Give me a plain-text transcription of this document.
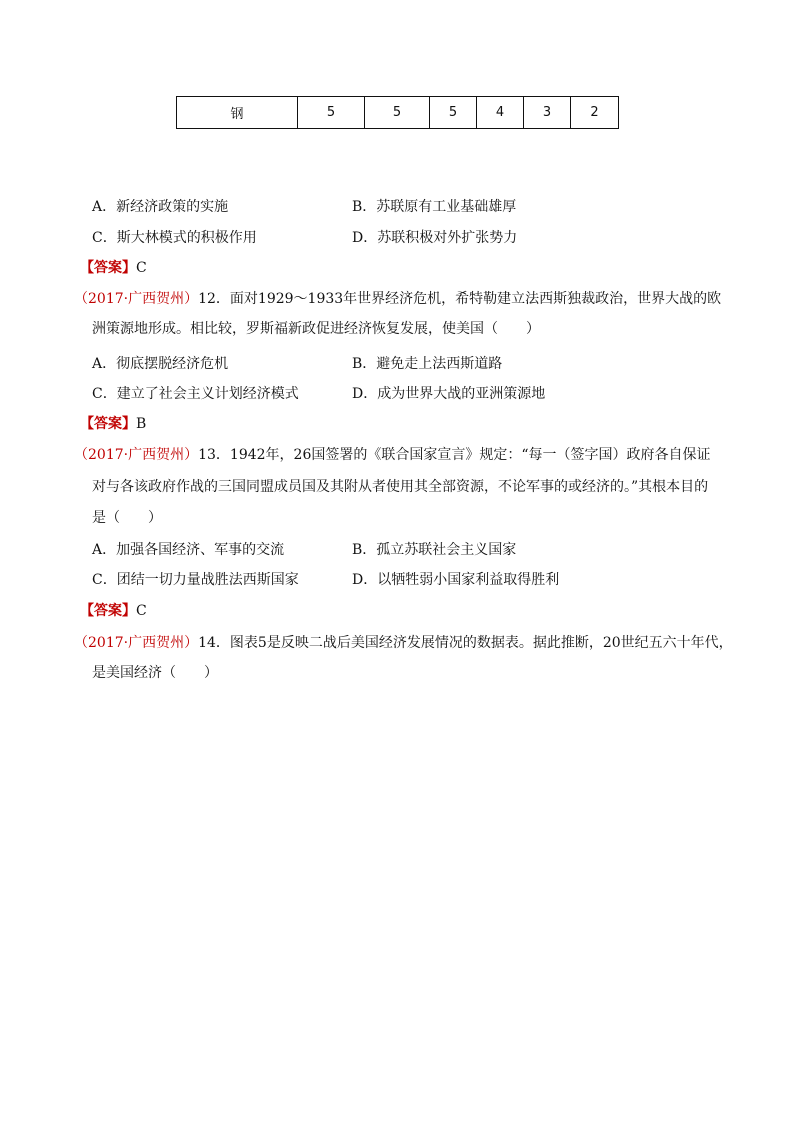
钢	5	5	5	4	3	2
A．新经济政策的实施	B．苏联原有工业基础雄厚
C．斯大林模式的积极作用	D．苏联积极对外扩张势力
【答案】C
（2017·广西贺州）12．面对1929～1933年世界经济危机，希特勒建立法西斯独裁政治，世界大战的欧
洲策源地形成。相比较，罗斯福新政促进经济恢复发展，使美国（　　）
A．彻底摆脱经济危机	B．避免走上法西斯道路
C．建立了社会主义计划经济模式	D．成为世界大战的亚洲策源地
【答案】B
（2017·广西贺州）13．1942年，26国签署的《联合国家宣言》规定：“每一（签字国）政府各自保证
对与各该政府作战的三国同盟成员国及其附从者使用其全部资源，不论军事的或经济的。”其根本目的
是（　　）
A．加强各国经济、军事的交流	B．孤立苏联社会主义国家
C．团结一切力量战胜法西斯国家	D．以牺牲弱小国家利益取得胜利
【答案】C
（2017·广西贺州）14．图表5是反映二战后美国经济发展情况的数据表。据此推断，20世纪五六十年代，
是美国经济（　　）
